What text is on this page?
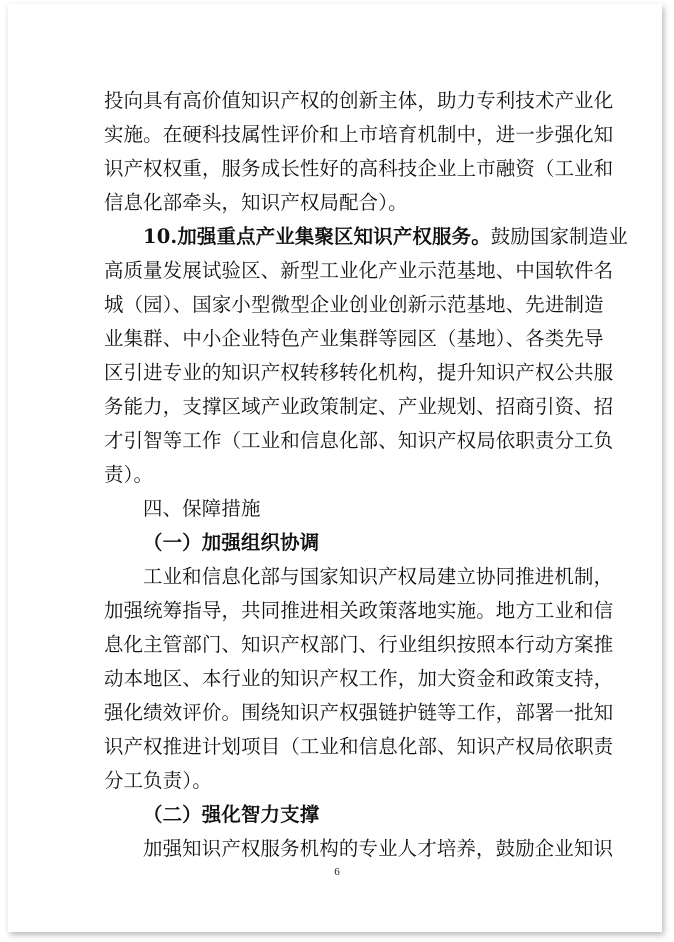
投向具有高价值知识产权的创新主体，助力专利技术产业化
实施。在硬科技属性评价和上市培育机制中，进一步强化知
识产权权重，服务成长性好的高科技企业上市融资（工业和
信息化部牵头，知识产权局配合）。
10.加强重点产业集聚区知识产权服务。鼓励国家制造业
高质量发展试验区、新型工业化产业示范基地、中国软件名
城（园）、国家小型微型企业创业创新示范基地、先进制造
业集群、中小企业特色产业集群等园区（基地）、各类先导
区引进专业的知识产权转移转化机构，提升知识产权公共服
务能力，支撑区域产业政策制定、产业规划、招商引资、招
才引智等工作（工业和信息化部、知识产权局依职责分工负
责）。
四、保障措施
（一）加强组织协调
工业和信息化部与国家知识产权局建立协同推进机制，
加强统筹指导，共同推进相关政策落地实施。地方工业和信
息化主管部门、知识产权部门、行业组织按照本行动方案推
动本地区、本行业的知识产权工作，加大资金和政策支持，
强化绩效评价。围绕知识产权强链护链等工作，部署一批知
识产权推进计划项目（工业和信息化部、知识产权局依职责
分工负责）。
（二）强化智力支撑
加强知识产权服务机构的专业人才培养，鼓励企业知识
6
